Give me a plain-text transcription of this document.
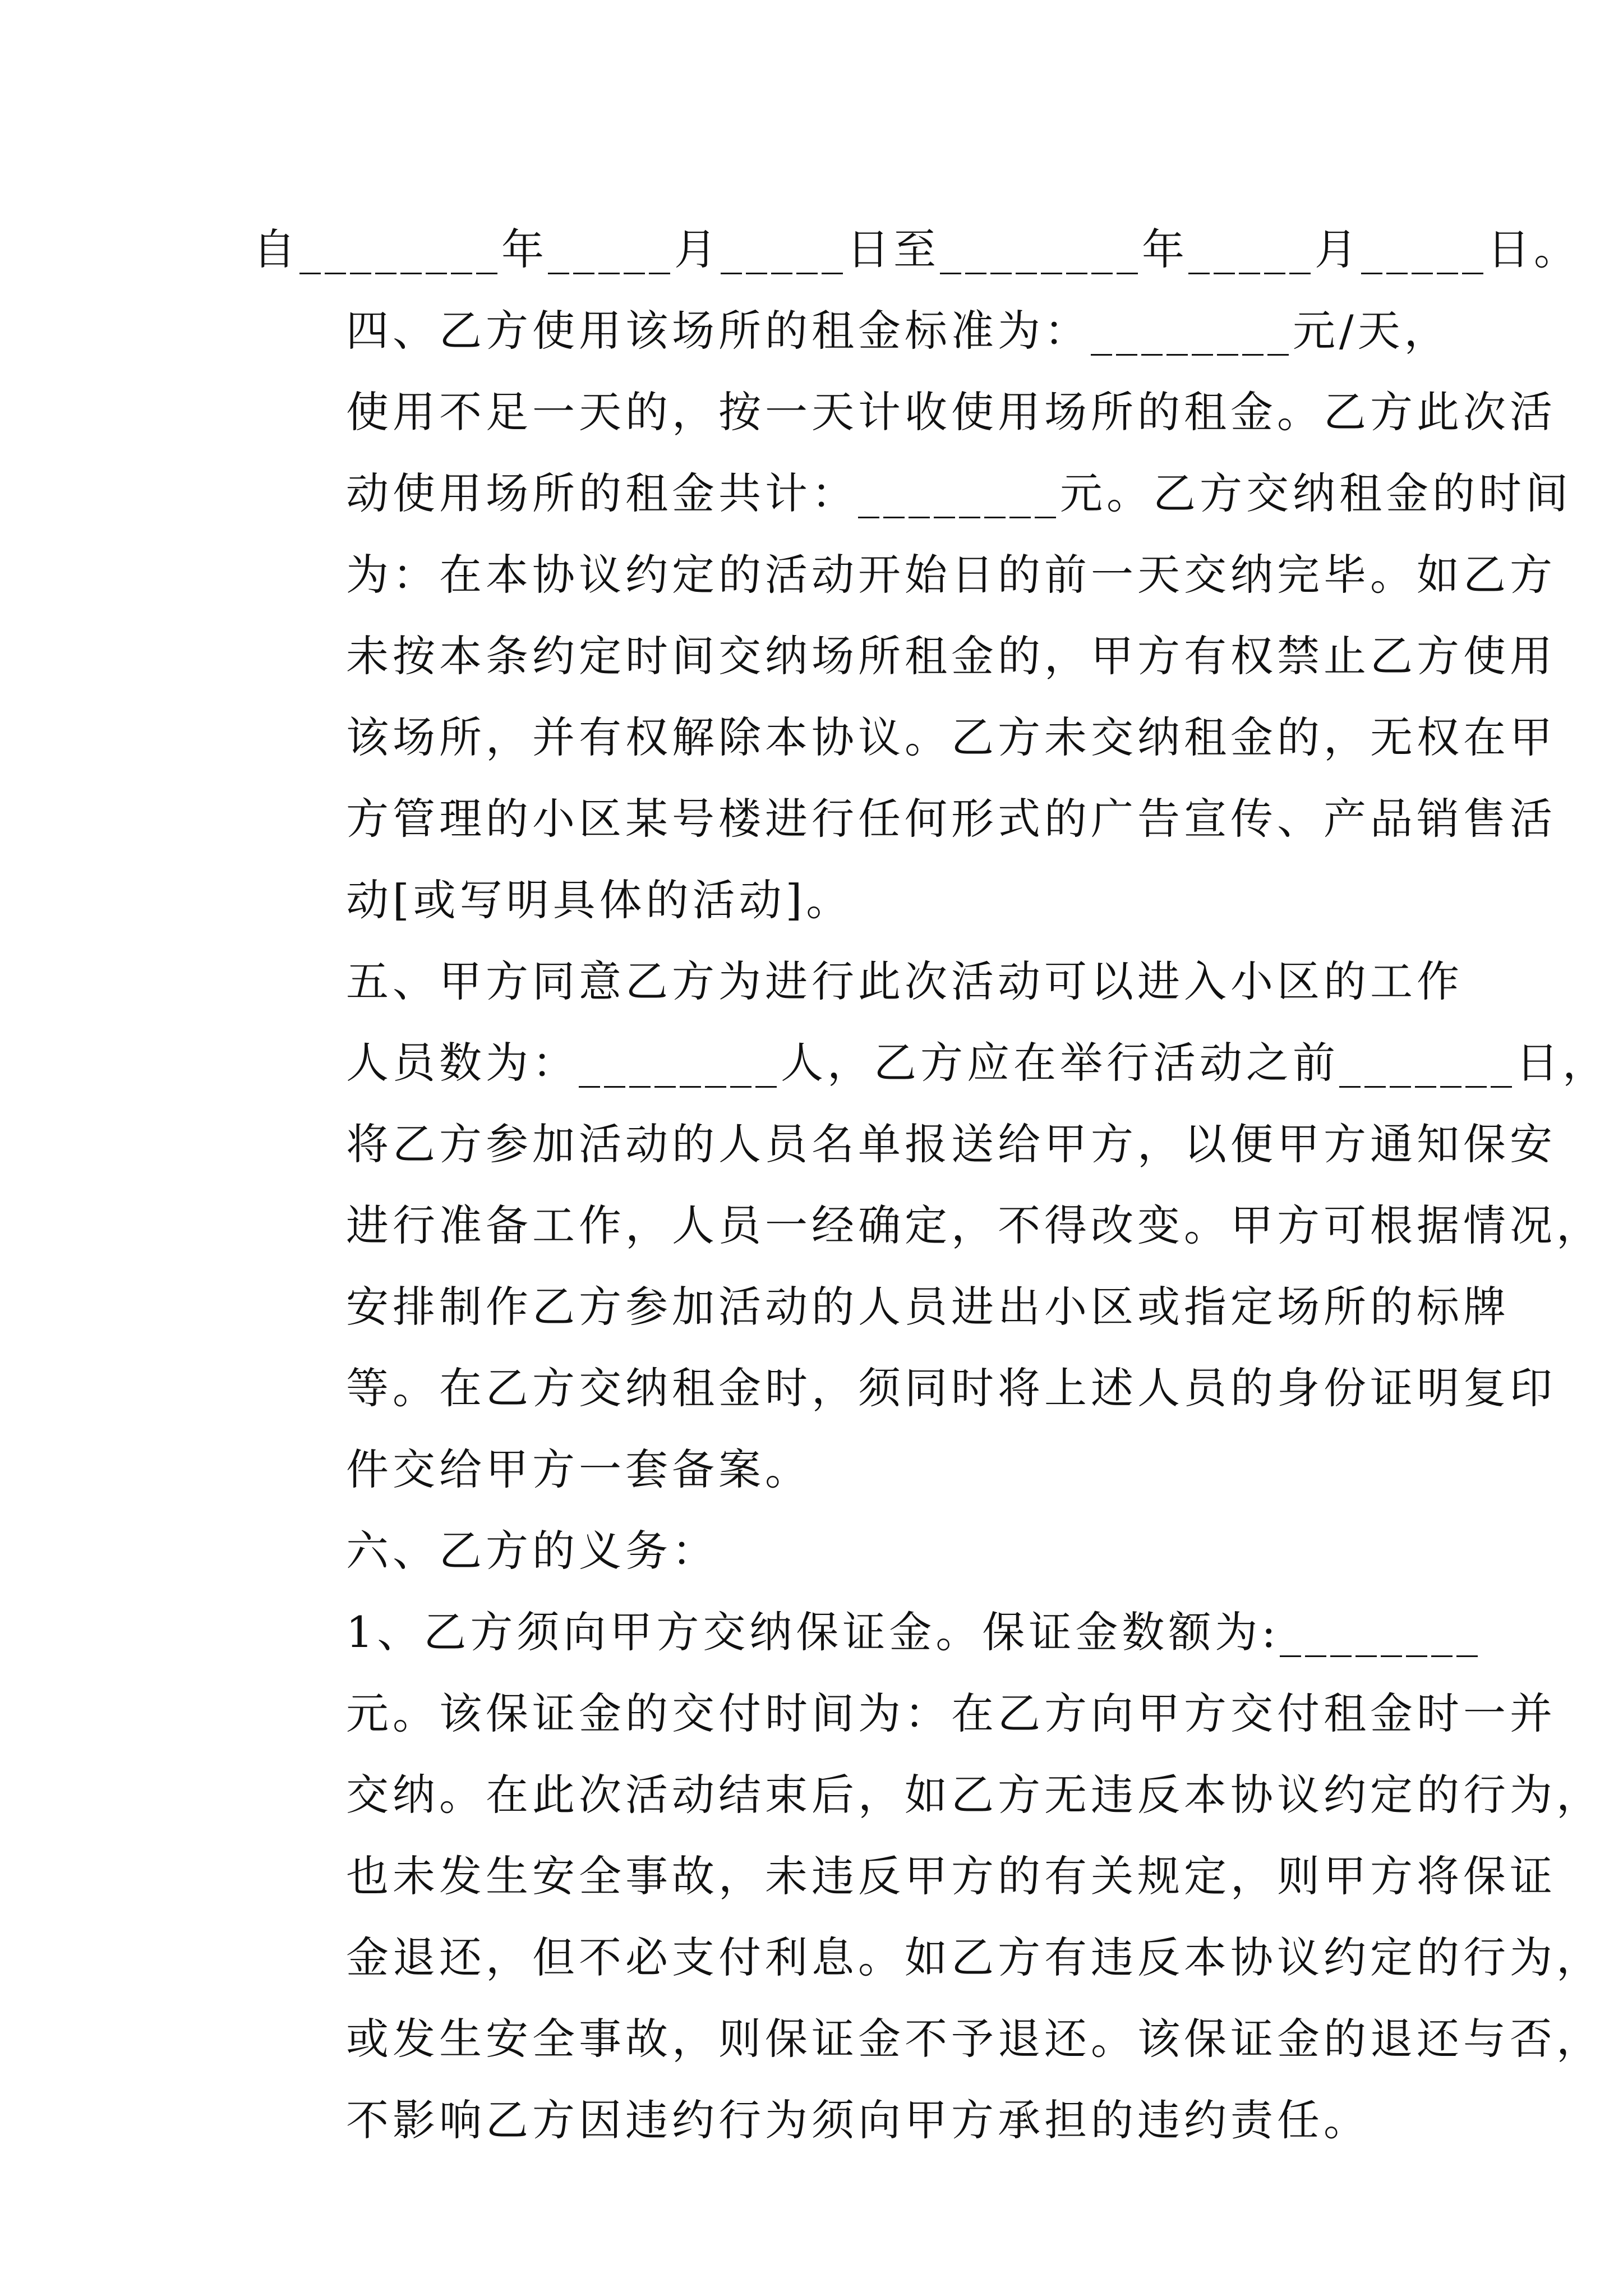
自________年_____月_____日至________年_____月_____日。

四、乙方使用该场所的租金标准为：________元/天，
使用不足一天的，按一天计收使用场所的租金。乙方此次活
动使用场所的租金共计：________元。乙方交纳租金的时间
为：在本协议约定的活动开始日的前一天交纳完毕。如乙方
未按本条约定时间交纳场所租金的，甲方有权禁止乙方使用
该场所，并有权解除本协议。乙方未交纳租金的，无权在甲
方管理的小区某号楼进行任何形式的广告宣传、产品销售活
动[或写明具体的活动]。

五、甲方同意乙方为进行此次活动可以进入小区的工作
人员数为：________人，乙方应在举行活动之前_______日，
将乙方参加活动的人员名单报送给甲方，以便甲方通知保安
进行准备工作，人员一经确定，不得改变。甲方可根据情况，
安排制作乙方参加活动的人员进出小区或指定场所的标牌
等。在乙方交纳租金时，须同时将上述人员的身份证明复印
件交给甲方一套备案。

六、乙方的义务：

1、乙方须向甲方交纳保证金。保证金数额为:________
元。该保证金的交付时间为：在乙方向甲方交付租金时一并
交纳。在此次活动结束后，如乙方无违反本协议约定的行为，
也未发生安全事故，未违反甲方的有关规定，则甲方将保证
金退还，但不必支付利息。如乙方有违反本协议约定的行为，
或发生安全事故，则保证金不予退还。该保证金的退还与否，
不影响乙方因违约行为须向甲方承担的违约责任。
